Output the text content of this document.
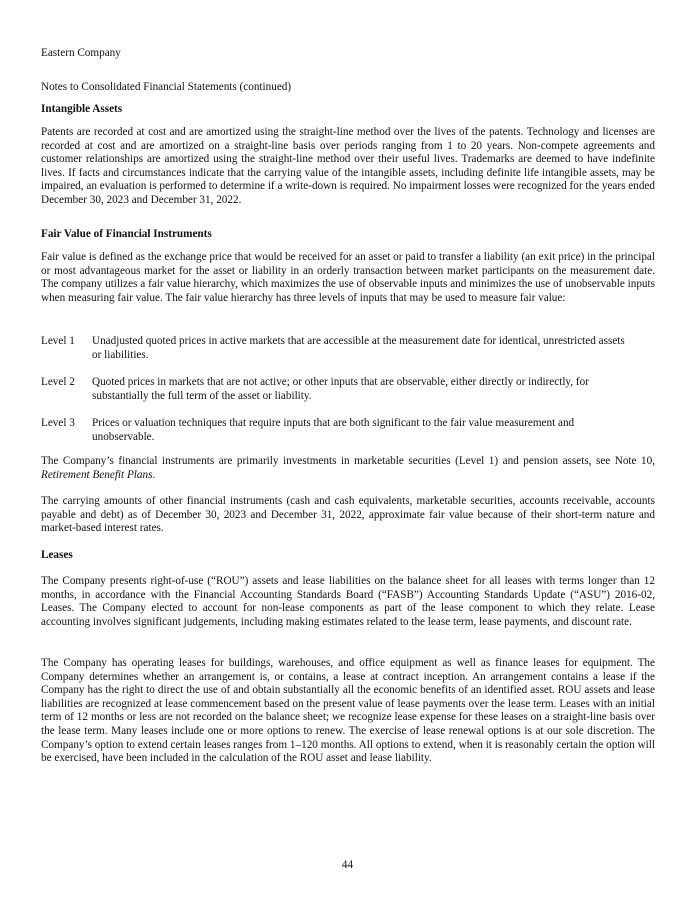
Eastern Company
Notes to Consolidated Financial Statements (continued)
Intangible Assets

Patents are recorded at cost and are amortized using the straight-line method over the lives of the patents. Technology and licenses are recorded at cost and are amortized on a straight-line basis over periods ranging from 1 to 20 years. Non-compete agreements and customer relationships are amortized using the straight-line method over their useful lives. Trademarks are deemed to have indefinite lives. If facts and circumstances indicate that the carrying value of the intangible assets, including definite life intangible assets, may be impaired, an evaluation is performed to determine if a write-down is required. No impairment losses were recognized for the years ended December 30, 2023 and December 31, 2022.

Fair Value of Financial Instruments

Fair value is defined as the exchange price that would be received for an asset or paid to transfer a liability (an exit price) in the principal or most advantageous market for the asset or liability in an orderly transaction between market participants on the measurement date. The company utilizes a fair value hierarchy, which maximizes the use of observable inputs and minimizes the use of unobservable inputs when measuring fair value. The fair value hierarchy has three levels of inputs that may be used to measure fair value:

Level 1 Unadjusted quoted prices in active markets that are accessible at the measurement date for identical, unrestricted assets or liabilities.
Level 2 Quoted prices in markets that are not active; or other inputs that are observable, either directly or indirectly, for substantially the full term of the asset or liability.
Level 3 Prices or valuation techniques that require inputs that are both significant to the fair value measurement and unobservable.

The Company’s financial instruments are primarily investments in marketable securities (Level 1) and pension assets, see Note 10, Retirement Benefit Plans.

The carrying amounts of other financial instruments (cash and cash equivalents, marketable securities, accounts receivable, accounts payable and debt) as of December 30, 2023 and December 31, 2022, approximate fair value because of their short-term nature and market-based interest rates.

Leases

The Company presents right-of-use (“ROU”) assets and lease liabilities on the balance sheet for all leases with terms longer than 12 months, in accordance with the Financial Accounting Standards Board (“FASB”) Accounting Standards Update (“ASU”) 2016-02, Leases. The Company elected to account for non-lease components as part of the lease component to which they relate. Lease accounting involves significant judgements, including making estimates related to the lease term, lease payments, and discount rate.

The Company has operating leases for buildings, warehouses, and office equipment as well as finance leases for equipment. The Company determines whether an arrangement is, or contains, a lease at contract inception. An arrangement contains a lease if the Company has the right to direct the use of and obtain substantially all the economic benefits of an identified asset. ROU assets and lease liabilities are recognized at lease commencement based on the present value of lease payments over the lease term. Leases with an initial term of 12 months or less are not recorded on the balance sheet; we recognize lease expense for these leases on a straight-line basis over the lease term. Many leases include one or more options to renew. The exercise of lease renewal options is at our sole discretion. The Company’s option to extend certain leases ranges from 1–120 months. All options to extend, when it is reasonably certain the option will be exercised, have been included in the calculation of the ROU asset and lease liability.

44
